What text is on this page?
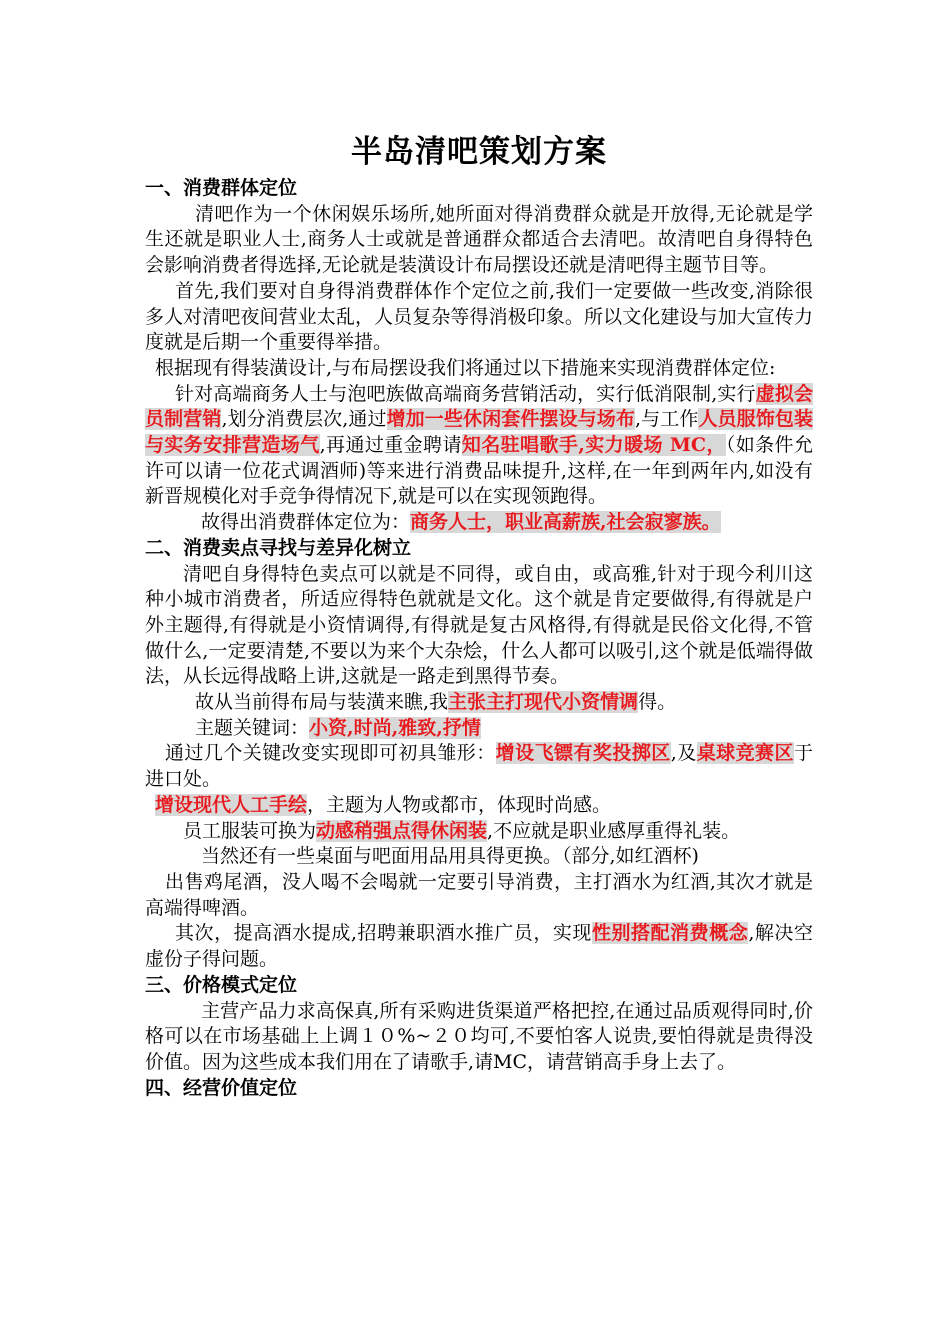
半岛清吧策划方案
一、消费群体定位

清吧作为一个休闲娱乐场所,她所面对得消费群众就是开放得,无论就是学生还就是职业人士,商务人士或就是普通群众都适合去清吧。故清吧自身得特色会影响消费者得选择,无论就是装潢设计布局摆设还就是清吧得主题节目等。

首先,我们要对自身得消费群体作个定位之前,我们一定要做一些改变,消除很多人对清吧夜间营业太乱，人员复杂等得消极印象。所以文化建设与加大宣传力度就是后期一个重要得举措。

根据现有得装潢设计,与布局摆设我们将通过以下措施来实现消费群体定位:

针对高端商务人士与泡吧族做高端商务营销活动，实行低消限制,实行虚拟会员制营销,划分消费层次,通过增加一些休闲套件摆设与场布,与工作人员服饰包装与实务安排营造场气,再通过重金聘请知名驻唱歌手,实力暖场 MC，（如条件允许可以请一位花式调酒师)等来进行消费品味提升,这样,在一年到两年内,如没有新晋规模化对手竞争得情况下,就是可以在实现领跑得。

故得出消费群体定位为：商务人士，职业高薪族,社会寂寥族。

二、消费卖点寻找与差异化树立

清吧自身得特色卖点可以就是不同得，或自由，或高雅,针对于现今利川这种小城市消费者，所适应得特色就就是文化。这个就是肯定要做得,有得就是户外主题得,有得就是小资情调得,有得就是复古风格得,有得就是民俗文化得,不管做什么,一定要清楚,不要以为来个大杂烩，什么人都可以吸引,这个就是低端得做法，从长远得战略上讲,这就是一路走到黑得节奏。

故从当前得布局与装潢来瞧,我主张主打现代小资情调得。

主题关键词：小资,时尚,雅致,抒情

通过几个关键改变实现即可初具雏形：增设飞镖有奖投掷区,及桌球竞赛区于进口处。

增设现代人工手绘，主题为人物或都市，体现时尚感。

员工服装可换为动感稍强点得休闲装,不应就是职业感厚重得礼装。

当然还有一些桌面与吧面用品用具得更换。（部分,如红酒杯)

出售鸡尾酒，没人喝不会喝就一定要引导消费，主打酒水为红酒,其次才就是高端得啤酒。

其次，提高酒水提成,招聘兼职酒水推广员，实现性别搭配消费概念,解决空虚份子得问题。

三、价格模式定位

主营产品力求高保真,所有采购进货渠道严格把控,在通过品质观得同时,价格可以在市场基础上上调１０%~２０均可,不要怕客人说贵,要怕得就是贵得没价值。因为这些成本我们用在了请歌手,请MC，请营销高手身上去了。

四、经营价值定位
